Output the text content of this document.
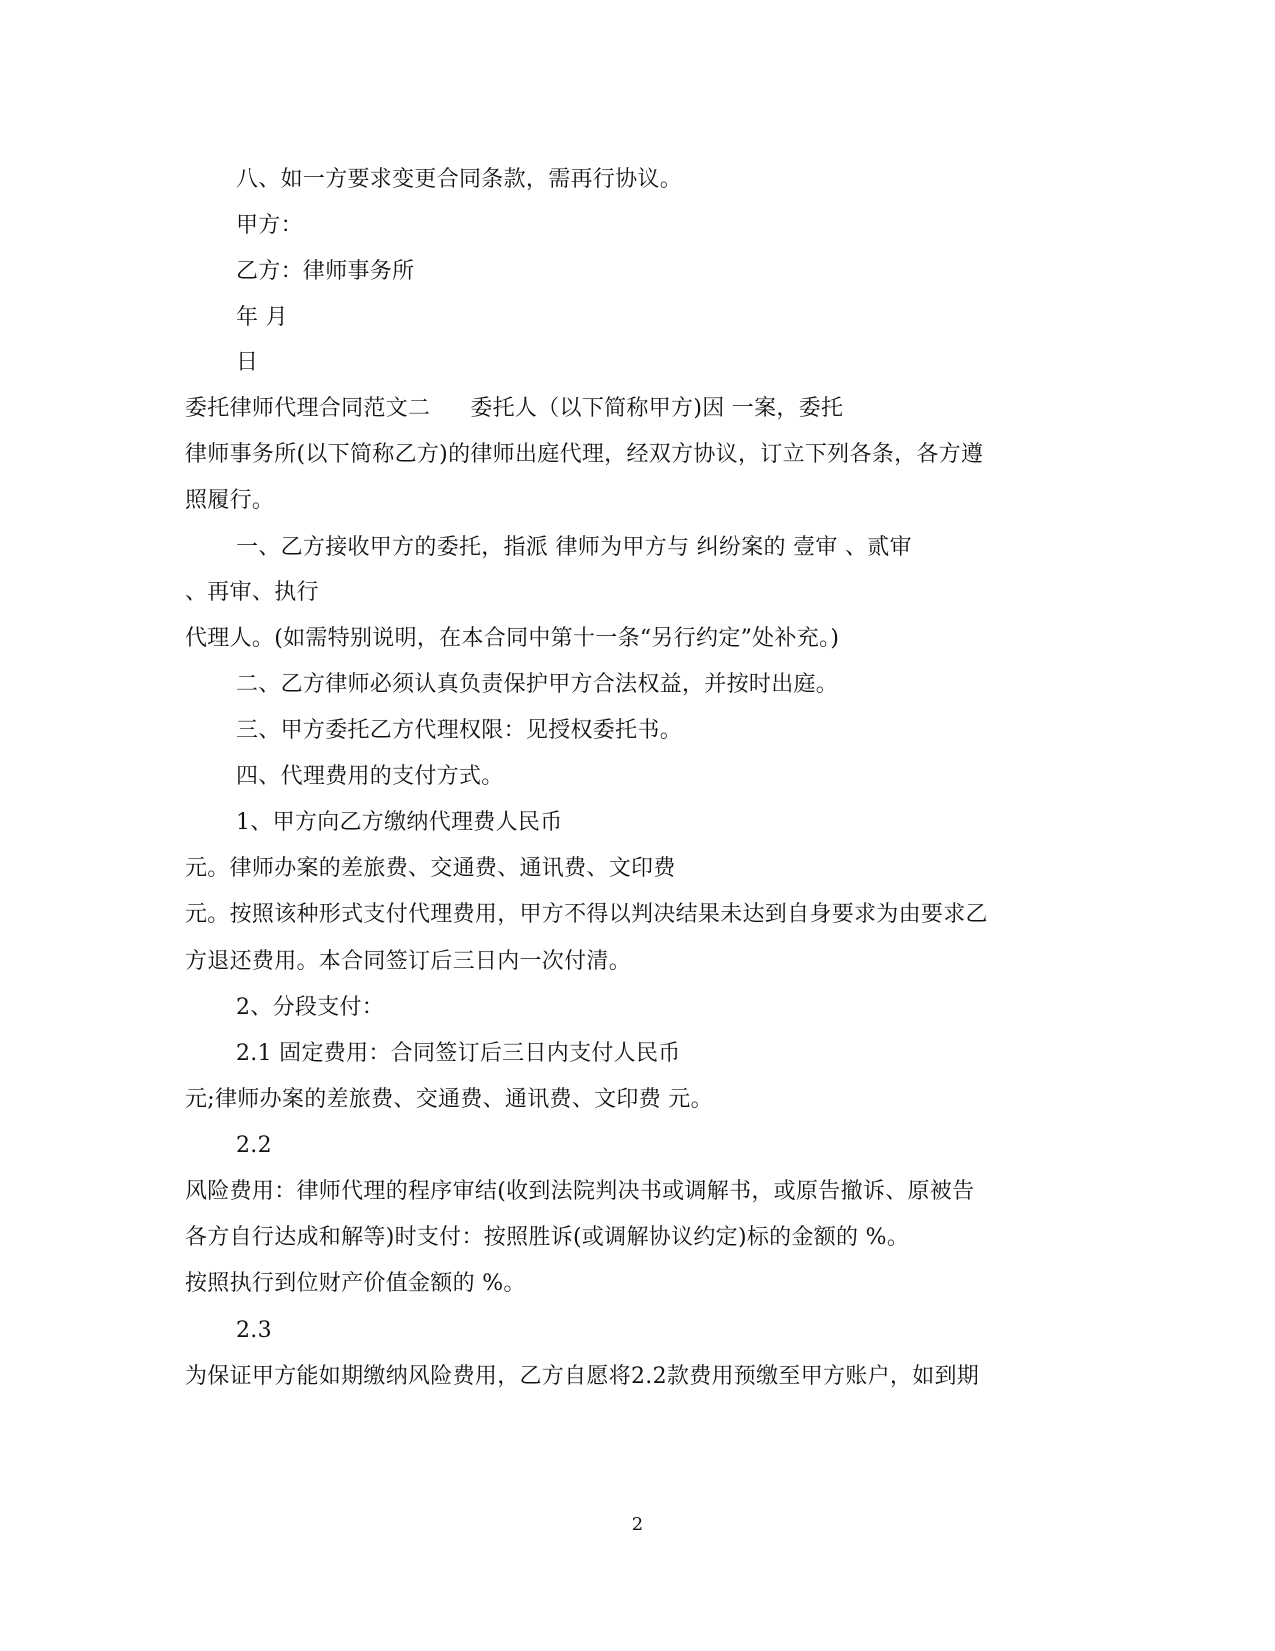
八、如一方要求变更合同条款，需再行协议。
甲方：
乙方：律师事务所
年 月
日
委托律师代理合同范文二 委托人（以下简称甲方)因 一案，委托
律师事务所(以下简称乙方)的律师出庭代理，经双方协议，订立下列各条，各方遵
照履行。
一、乙方接收甲方的委托，指派 律师为甲方与 纠纷案的 壹审 、贰审
、再审、执行
代理人。(如需特别说明，在本合同中第十一条“另行约定”处补充。)
二、乙方律师必须认真负责保护甲方合法权益，并按时出庭。
三、甲方委托乙方代理权限：见授权委托书。
四、代理费用的支付方式。
1、甲方向乙方缴纳代理费人民币
元。律师办案的差旅费、交通费、通讯费、文印费
元。按照该种形式支付代理费用，甲方不得以判决结果未达到自身要求为由要求乙
方退还费用。本合同签订后三日内一次付清。
2、分段支付：
2.1 固定费用：合同签订后三日内支付人民币
元;律师办案的差旅费、交通费、通讯费、文印费 元。
2.2
风险费用：律师代理的程序审结(收到法院判决书或调解书，或原告撤诉、原被告
各方自行达成和解等)时支付：按照胜诉(或调解协议约定)标的金额的 %。
按照执行到位财产价值金额的 %。
2.3
为保证甲方能如期缴纳风险费用，乙方自愿将2.2款费用预缴至甲方账户，如到期
2
